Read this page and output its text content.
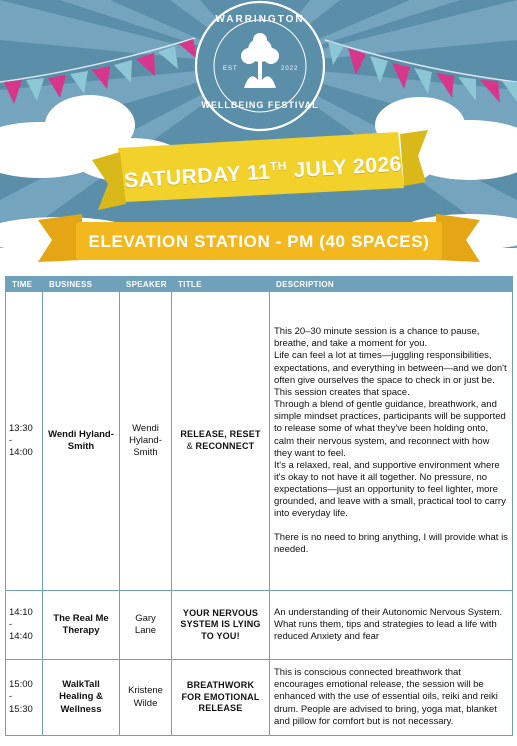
WARRINGTON
EST	2022
WELLBEING FESTIVAL
SATURDAY 11TH JULY 2026
ELEVATION STATION - PM (40 SPACES)
TIME	BUSINESS	SPEAKER	TITLE	DESCRIPTION
13:30 - 14:00	Wendi Hyland-Smith	Wendi Hyland-Smith	RELEASE, RESET & RECONNECT	This 20–30 minute session is a chance to pause, breathe, and take a moment for you.
Life can feel a lot at times—juggling responsibilities, expectations, and everything in between—and we don't often give ourselves the space to check in or just be. This session creates that space.
Through a blend of gentle guidance, breathwork, and simple mindset practices, participants will be supported to release some of what they've been holding onto, calm their nervous system, and reconnect with how they want to feel.
It's a relaxed, real, and supportive environment where it's okay to not have it all together. No pressure, no expectations—just an opportunity to feel lighter, more grounded, and leave with a small, practical tool to carry into everyday life.
There is no need to bring anything, I will provide what is needed.

14:10 - 14:40	The Real Me Therapy	Gary Lane	YOUR NERVOUS SYSTEM IS LYING TO YOU!	An understanding of their Autonomic Nervous System. What runs them, tips and strategies to lead a life with reduced Anxiety and fear

15:00 - 15:30	WalkTall Healing & Wellness	Kristene Wilde	BREATHWORK FOR EMOTIONAL RELEASE	This is conscious connected breathwork that encourages emotional release, the session will be enhanced with the use of essential oils, reiki and reiki drum. People are advised to bring, yoga mat, blanket and pillow for comfort but is not necessary.
